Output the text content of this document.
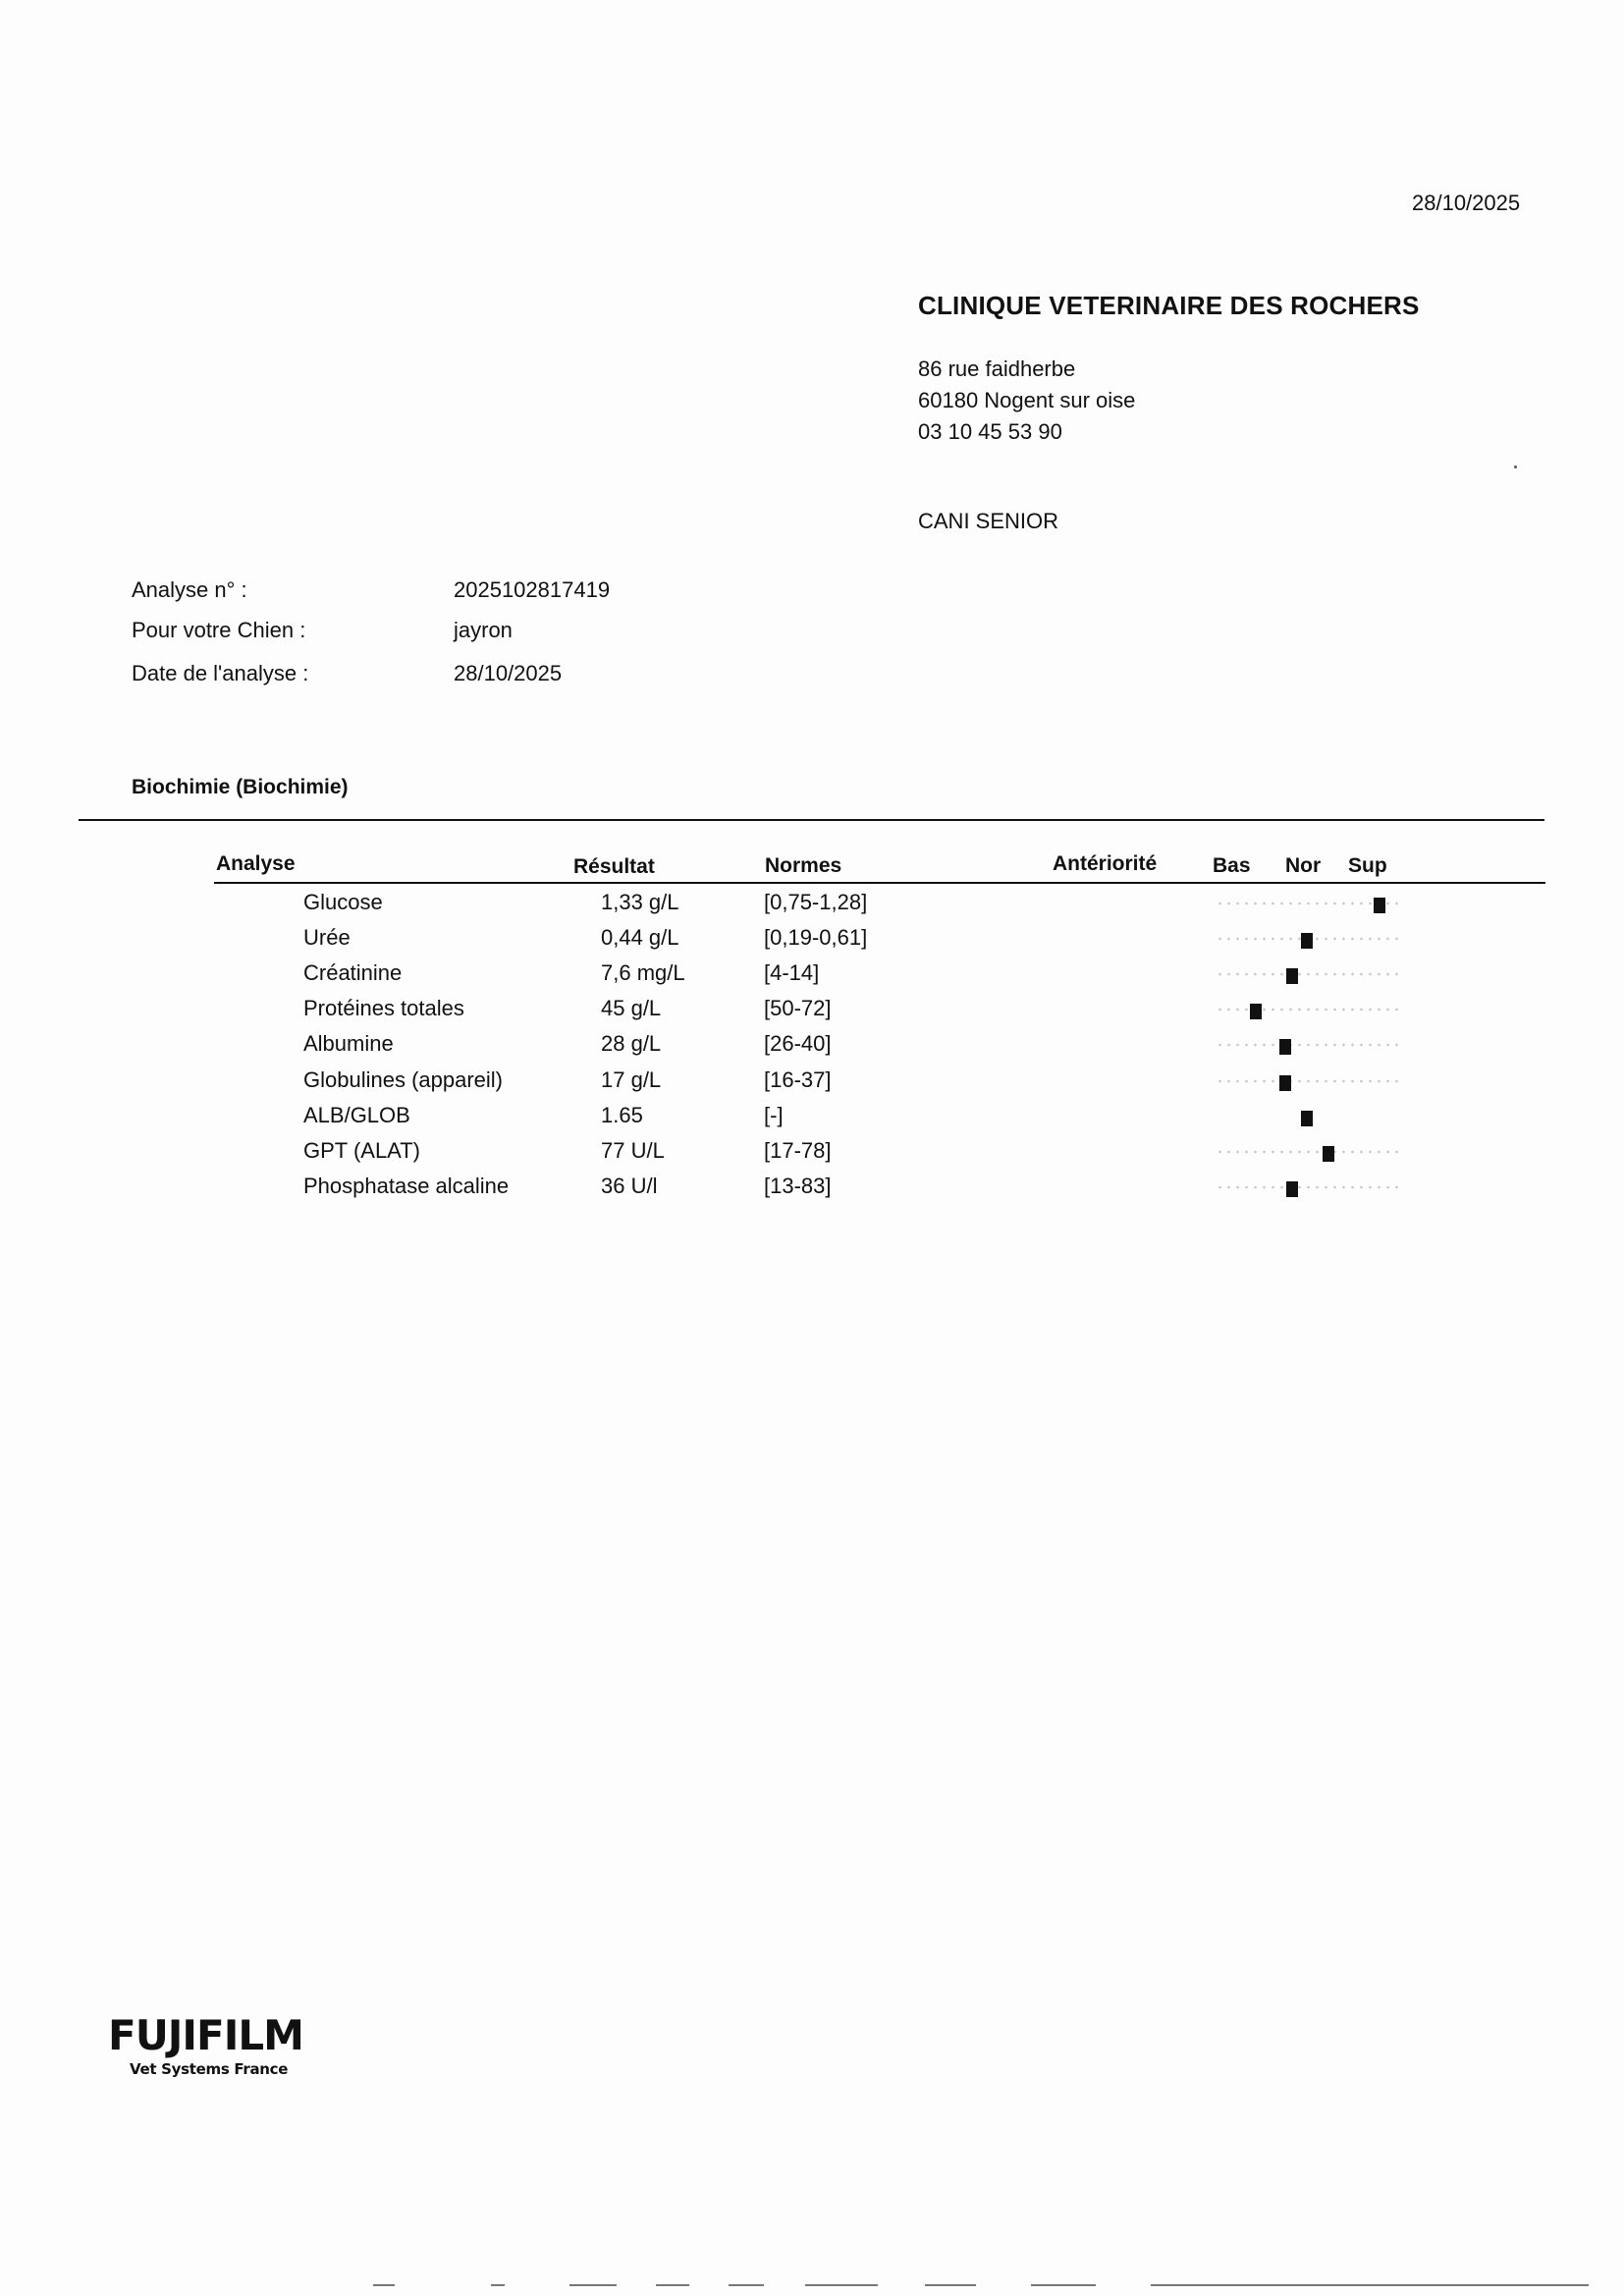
28/10/2025
CLINIQUE VETERINAIRE DES ROCHERS
86 rue faidherbe
60180 Nogent sur oise
03 10 45 53 90
CANI SENIOR
Analyse n° :	2025102817419
Pour votre Chien :	jayron
Date de l'analyse :	28/10/2025
Biochimie (Biochimie)
Analyse	Résultat	Normes	Antériorité	Bas Nor Sup
Glucose	1,33 g/L	[0,75-1,28]
Urée	0,44 g/L	[0,19-0,61]
Créatinine	7,6 mg/L	[4-14]
Protéines totales	45 g/L	[50-72]
Albumine	28 g/L	[26-40]
Globulines (appareil)	17 g/L	[16-37]
ALB/GLOB	1.65	[-]
GPT (ALAT)	77 U/L	[17-78]
Phosphatase alcaline	36 U/l	[13-83]
FUJIFILM
Vet Systems France
